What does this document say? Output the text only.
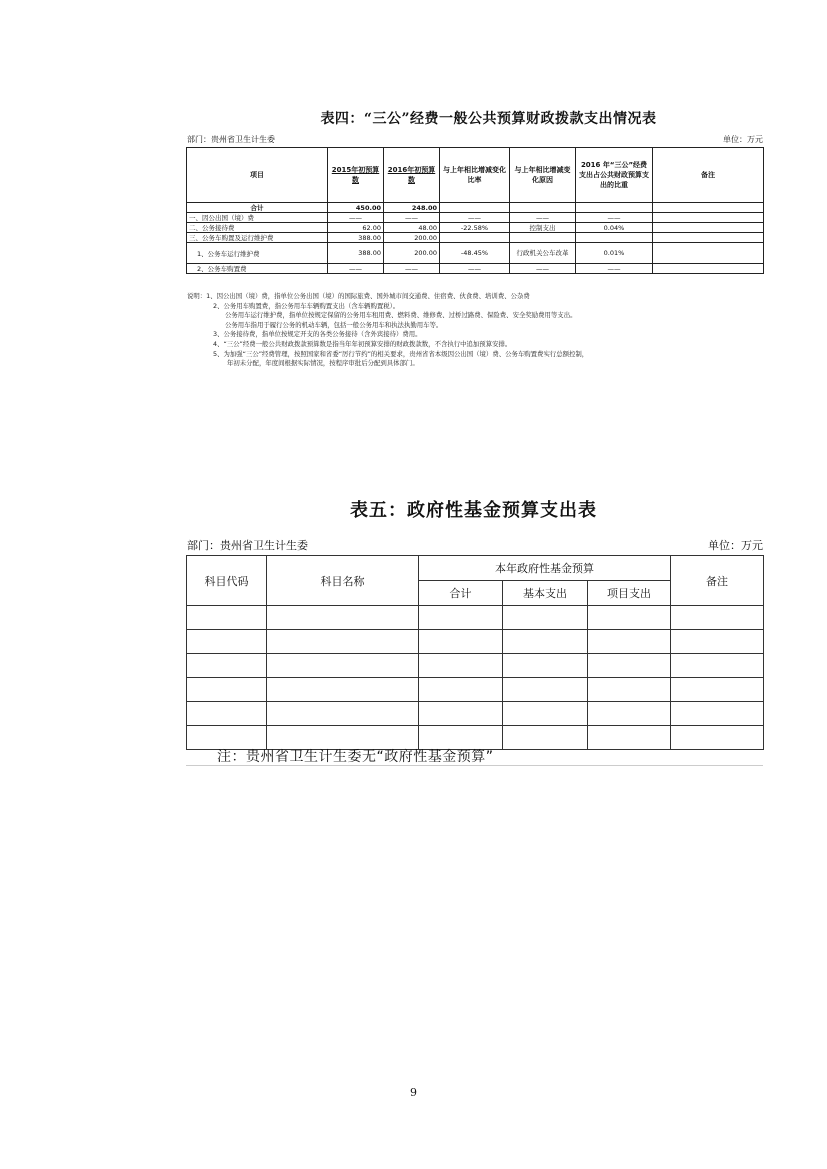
表四：“三公”经费一般公共预算财政拨款支出情况表
部门：贵州省卫生计生委	单位：万元
项目	2015年初预算数	2016年初预算数	与上年相比增减变化比率	与上年相比增减变化原因	2016 年“三公”经费支出占公共财政预算支出的比重	备注
合计	450.00	248.00				
一、因公出国（境）费	——	——	——	——	——	
二、公务接待费	62.00	48.00	-22.58%	控制支出	0.04%	
三、公务车购置及运行维护费	388.00	200.00				
1、公务车运行维护费	388.00	200.00	-48.45%	行政机关公车改革	0.01%	
2、公务车购置费	——	——	——	——	——	
说明：1、因公出国（境）费，指单位公务出国（境）的国际旅费、国外城市间交通费、住宿费、伙食费、培训费、公杂费
2、公务用车购置费，指公务用车车辆购置支出（含车辆购置税）。
公务用车运行维护费，指单位按规定保留的公务用车租用费、燃料费、维修费、过桥过路费、保险费、安全奖励费用等支出。
公务用车指用于履行公务的机动车辆，包括一般公务用车和执法执勤用车等。
3、公务接待费，指单位按规定开支的各类公务接待（含外宾接待）费用。
4、“三公”经费一般公共财政拨款预算数是指当年年初预算安排的财政拨款数，不含执行中追加预算安排。
5、为加强“三公”经费管理，按照国家和省委“厉行节约”的相关要求，贵州省省本级因公出国（境）费、公务车购置费实行总额控制，
年初未分配，年度间根据实际情况，按程序审批后分配到具体部门。
表五：政府性基金预算支出表
部门：贵州省卫生计生委	单位：万元
科目代码	科目名称	本年政府性基金预算			备注
		合计	基本支出	项目支出	

注：贵州省卫生计生委无“政府性基金预算”
9
